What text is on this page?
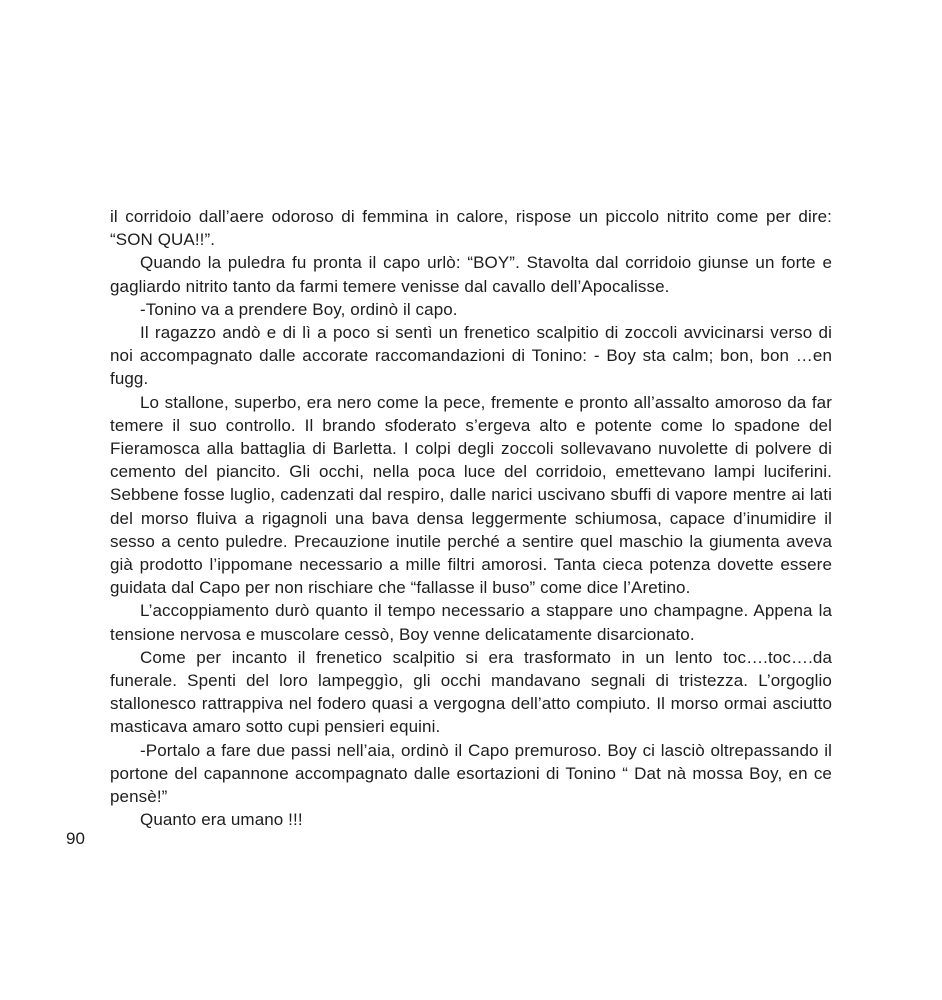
il corridoio dall’aere odoroso di femmina in calore, rispose un piccolo nitrito come per dire: “SON QUA!!”.

Quando la puledra fu pronta il capo urlò: “BOY”. Stavolta dal corridoio giunse un forte e gagliardo nitrito tanto da farmi temere venisse dal cavallo dell’Apocalisse.

-Tonino va a prendere Boy, ordinò il capo.

Il ragazzo andò e di lì a poco si sentì un frenetico scalpitio di zoccoli avvicinarsi verso di noi accompagnato dalle accorate raccomandazioni di Tonino: - Boy sta calm; bon, bon …en fugg.

Lo stallone, superbo, era nero come la pece, fremente e pronto all’assalto amoroso da far temere il suo controllo. Il brando sfoderato s’ergeva alto e potente come lo spadone del Fieramosca alla battaglia di Barletta. I colpi degli zoccoli sollevavano nuvolette di polvere di cemento del piancito. Gli occhi, nella poca luce del corridoio, emettevano lampi luciferini. Sebbene fosse luglio, cadenzati dal respiro, dalle narici uscivano sbuffi di vapore mentre ai lati del morso fluiva a rigagnoli una bava densa leggermente schiumosa, capace d’inumidire il sesso a cento puledre. Precauzione inutile perché a sentire quel maschio la giumenta aveva già prodotto l’ippomane necessario a mille filtri amorosi. Tanta cieca potenza dovette essere guidata dal Capo per non rischiare che “fallasse il buso” come dice l’Aretino.

L’accoppiamento durò quanto il tempo necessario a stappare uno champagne. Appena la tensione nervosa e muscolare cessò, Boy venne delicatamente disarcionato.

Come per incanto il frenetico scalpitio si era trasformato in un lento toc….toc….da funerale. Spenti del loro lampeggìo, gli occhi mandavano segnali di tristezza. L’orgoglio stallonesco rattrappiva nel fodero quasi a vergogna dell’atto compiuto. Il morso ormai asciutto masticava amaro sotto cupi pensieri equini.

-Portalo a fare due passi nell’aia, ordinò il Capo premuroso. Boy ci lasciò oltrepassando il portone del capannone accompagnato dalle esortazioni di Tonino “ Dat nà mossa Boy, en ce pensè!”

Quanto era umano !!!

90
